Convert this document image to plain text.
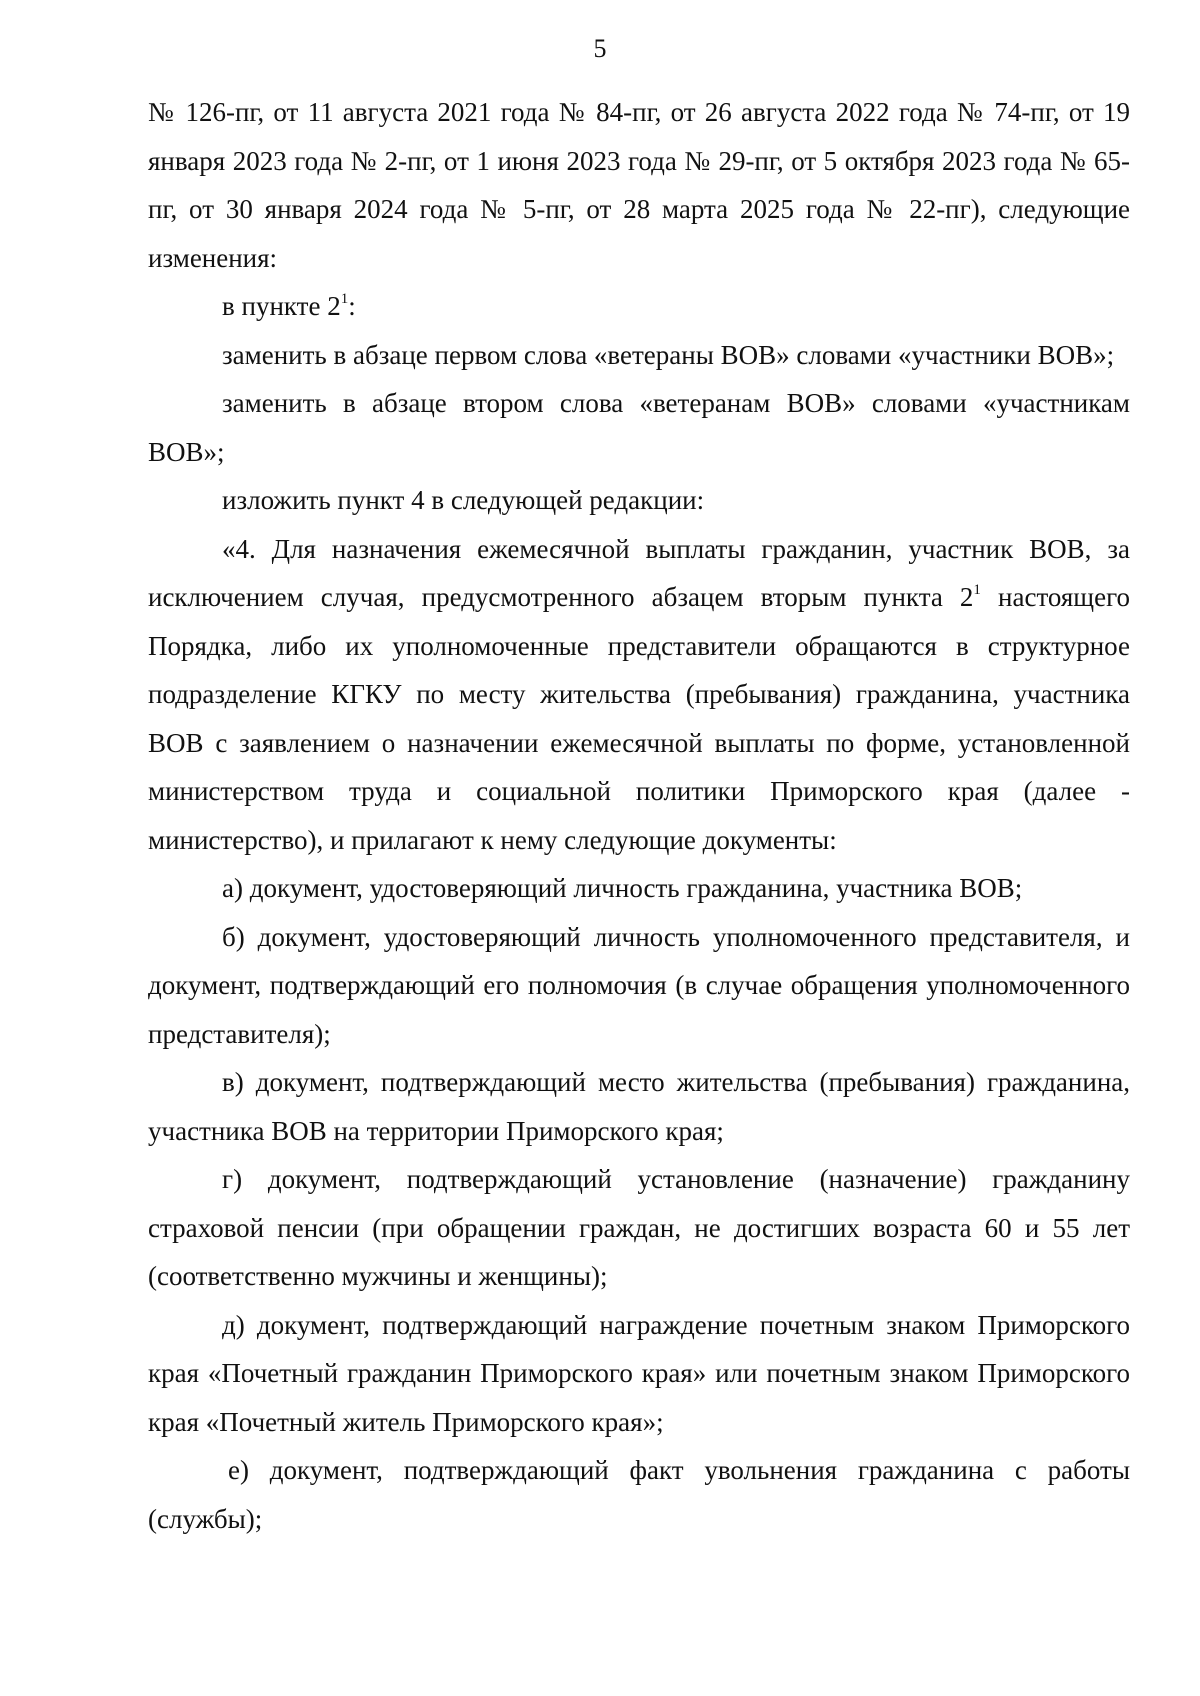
5

№ 126-пг, от 11 августа 2021 года № 84-пг, от 26 августа 2022 года № 74-пг, от 19 января 2023 года № 2-пг, от 1 июня 2023 года № 29-пг, от 5 октября 2023 года № 65-пг, от 30 января 2024 года № 5-пг, от 28 марта 2025 года № 22-пг), следующие изменения:

в пункте $2^1$:

заменить в абзаце первом слова «ветераны ВОВ» словами «участники ВОВ»;

заменить в абзаце втором слова «ветеранам ВОВ» словами «участникам ВОВ»;

изложить пункт 4 в следующей редакции:

«4. Для назначения ежемесячной выплаты гражданин, участник ВОВ, за исключением случая, предусмотренного абзацем вторым пункта $2^1$ настоящего Порядка, либо их уполномоченные представители обращаются в структурное подразделение КГКУ по месту жительства (пребывания) гражданина, участника ВОВ с заявлением о назначении ежемесячной выплаты по форме, установленной министерством труда и социальной политики Приморского края (далее - министерство), и прилагают к нему следующие документы:

а) документ, удостоверяющий личность гражданина, участника ВОВ;

б) документ, удостоверяющий личность уполномоченного представителя, и документ, подтверждающий его полномочия (в случае обращения уполномоченного представителя);

в) документ, подтверждающий место жительства (пребывания) гражданина, участника ВОВ на территории Приморского края;

г) документ, подтверждающий установление (назначение) гражданину страховой пенсии (при обращении граждан, не достигших возраста 60 и 55 лет (соответственно мужчины и женщины);

д) документ, подтверждающий награждение почетным знаком Приморского края «Почетный гражданин Приморского края» или почетным знаком Приморского края «Почетный житель Приморского края»;

е) документ, подтверждающий факт увольнения гражданина с работы (службы);
